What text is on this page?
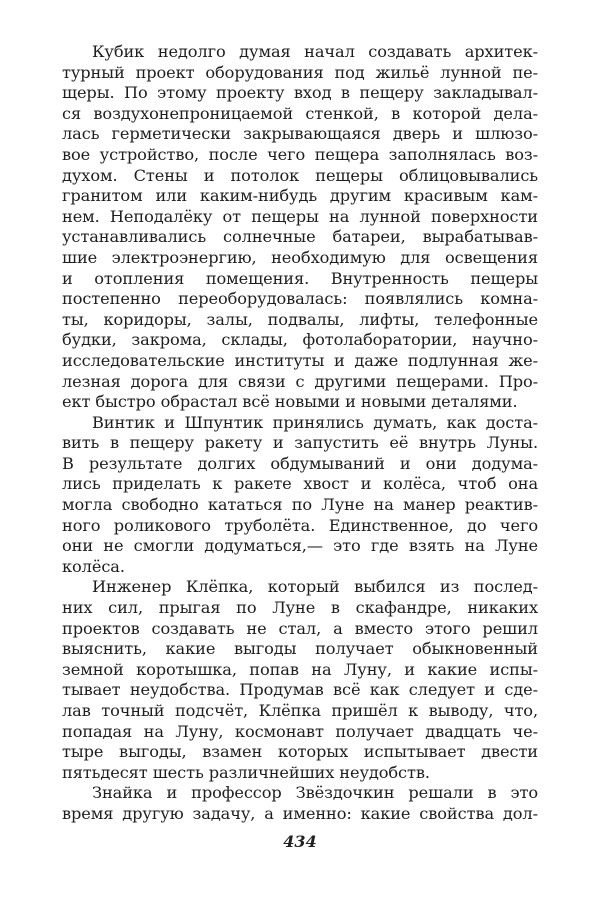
Кубик недолго думая начал создавать архитек-
турный проект оборудования под жильё лунной пе-
щеры. По этому проекту вход в пещеру закладывал-
ся воздухонепроницаемой стенкой, в которой дела-
лась герметически закрывающаяся дверь и шлюзо-
вое устройство, после чего пещера заполнялась воз-
духом. Стены и потолок пещеры облицовывались
гранитом или каким-нибудь другим красивым кам-
нем. Неподалёку от пещеры на лунной поверхности
устанавливались солнечные батареи, вырабатывав-
шие электроэнергию, необходимую для освещения
и отопления помещения. Внутренность пещеры
постепенно переоборудовалась: появлялись комна-
ты, коридоры, залы, подвалы, лифты, телефонные
будки, закрома, склады, фотолаборатории, научно-
исследовательские институты и даже подлунная же-
лезная дорога для связи с другими пещерами. Про-
ект быстро обрастал всё новыми и новыми деталями.
Винтик и Шпунтик принялись думать, как доста-
вить в пещеру ракету и запустить её внутрь Луны.
В результате долгих обдумываний и они додума-
лись приделать к ракете хвост и колёса, чтоб она
могла свободно кататься по Луне на манер реактив-
ного роликового труболёта. Единственное, до чего
они не смогли додуматься,— это где взять на Луне
колёса.
Инженер Клёпка, который выбился из послед-
них сил, прыгая по Луне в скафандре, никаких
проектов создавать не стал, а вместо этого решил
выяснить, какие выгоды получает обыкновенный
земной коротышка, попав на Луну, и какие испы-
тывает неудобства. Продумав всё как следует и сде-
лав точный подсчёт, Клёпка пришёл к выводу, что,
попадая на Луну, космонавт получает двадцать че-
тыре выгоды, взамен которых испытывает двести
пятьдесят шесть различнейших неудобств.
Знайка и профессор Звёздочкин решали в это
время другую задачу, а именно: какие свойства дол-
434
